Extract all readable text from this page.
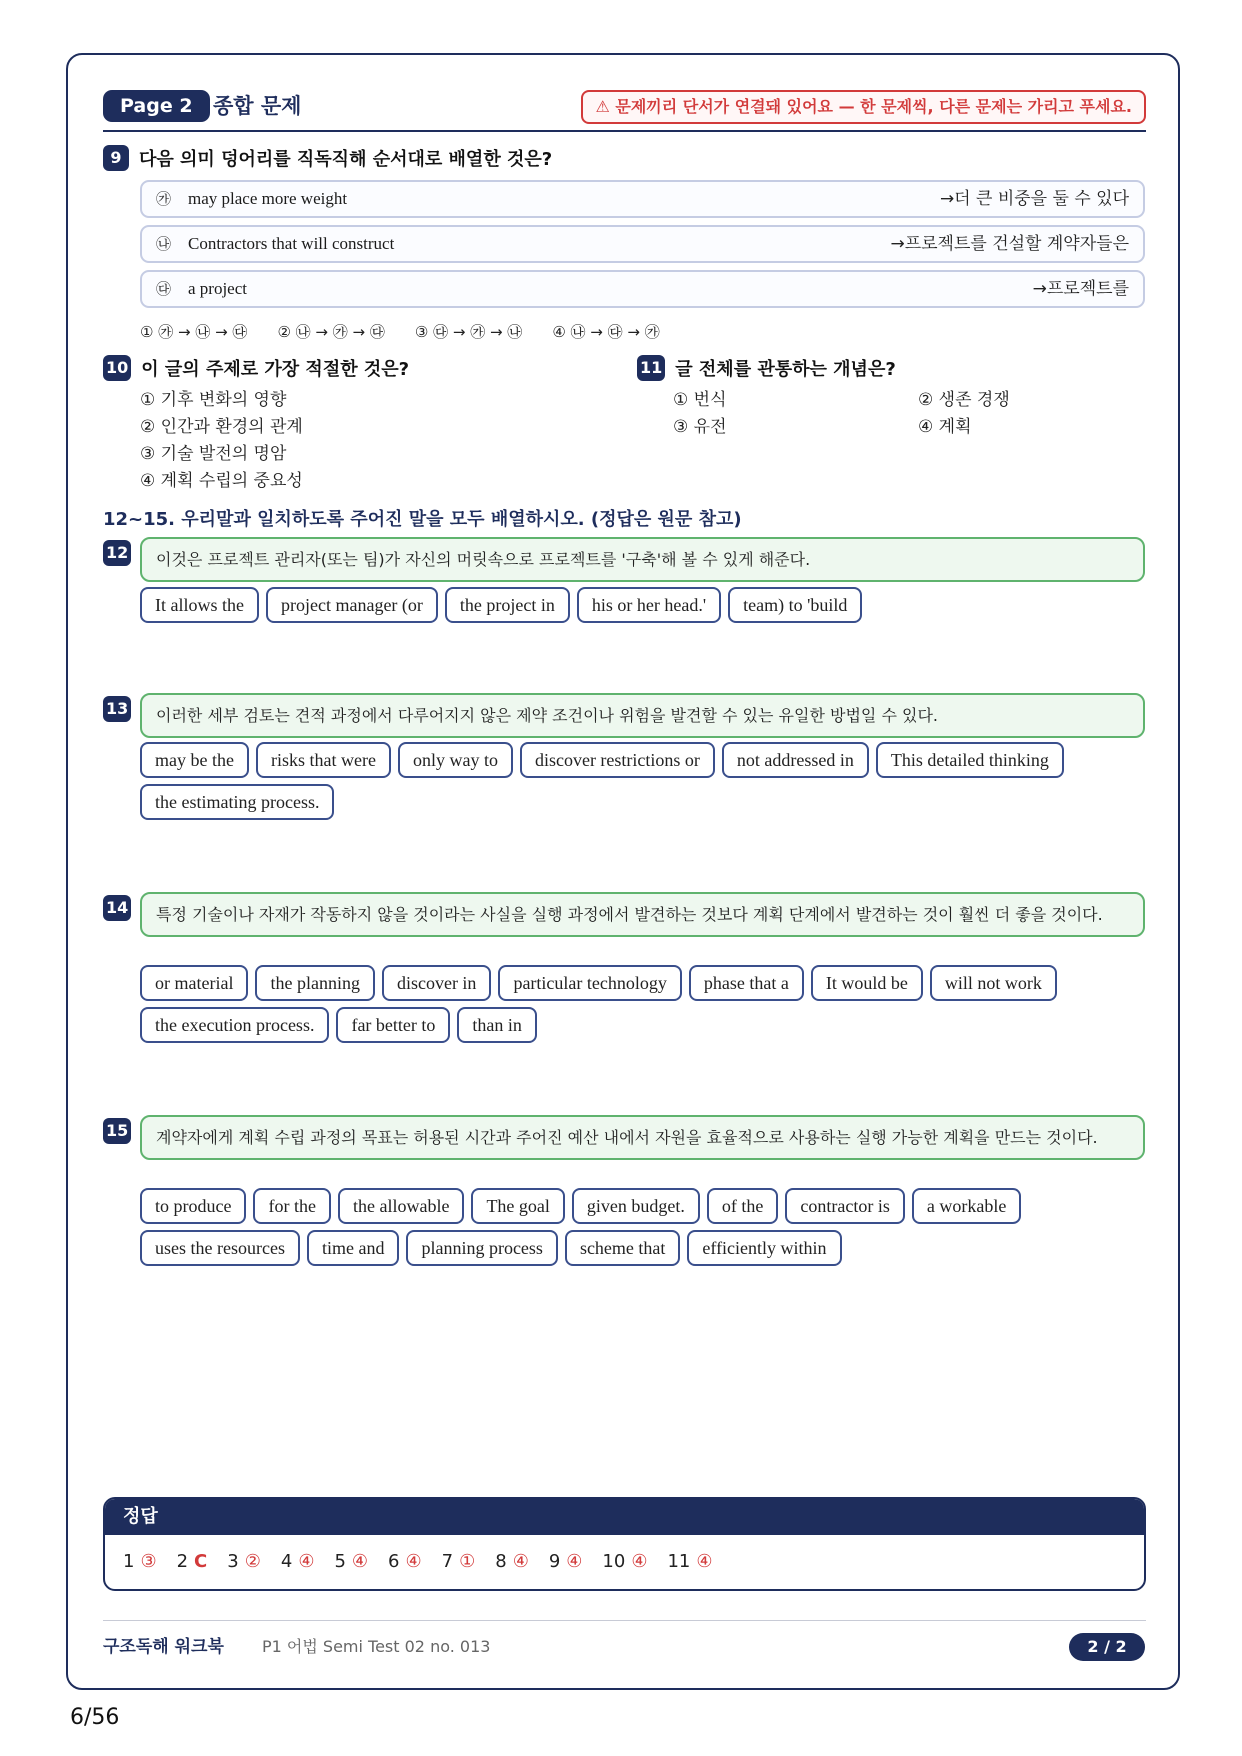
Page 2 종합 문제	⚠ 문제끼리 단서가 연결돼 있어요 — 한 문제씩, 다른 문제는 가리고 푸세요.
9 다음 의미 덩어리를 직독직해 순서대로 배열한 것은?
㉮ may place more weight	→더 큰 비중을 둘 수 있다
㉯ Contractors that will construct	→프로젝트를 건설할 계약자들은
㉰ a project	→프로젝트를
① ㉮ → ㉯ → ㉰ ② ㉯ → ㉮ → ㉰ ③ ㉰ → ㉮ → ㉯ ④ ㉯ → ㉰ → ㉮
10 이 글의 주제로 가장 적절한 것은?
① 기후 변화의 영향
② 인간과 환경의 관계
③ 기술 발전의 명암
④ 계획 수립의 중요성
11 글 전체를 관통하는 개념은?
① 번식	② 생존 경쟁
③ 유전	④ 계획
12~15. 우리말과 일치하도록 주어진 말을 모두 배열하시오. (정답은 원문 참고)
12	이것은 프로젝트 관리자(또는 팀)가 자신의 머릿속으로 프로젝트를 '구축'해 볼 수 있게 해준다.
It allows the	project manager (or	the project in	his or her head.'	team) to 'build
13	이러한 세부 검토는 견적 과정에서 다루어지지 않은 제약 조건이나 위험을 발견할 수 있는 유일한 방법일 수 있다.
may be the	risks that were	only way to	discover restrictions or	not addressed in	This detailed thinking
the estimating process.
14	특정 기술이나 자재가 작동하지 않을 것이라는 사실을 실행 과정에서 발견하는 것보다 계획 단계에서 발견하는 것이 훨씬 더 좋을 것이다.
or material	the planning	discover in	particular technology	phase that a	It would be	will not work
the execution process.	far better to	than in
15	계약자에게 계획 수립 과정의 목표는 허용된 시간과 주어진 예산 내에서 자원을 효율적으로 사용하는 실행 가능한 계획을 만드는 것이다.
to produce	for the	the allowable	The goal	given budget.	of the	contractor is	a workable
uses the resources	time and	planning process	scheme that	efficiently within
정답
1 ③ 2 C 3 ② 4 ④ 5 ④ 6 ④ 7 ① 8 ④ 9 ④ 10 ④ 11 ④
구조독해 워크북 P1 어법 Semi Test 02 no. 013	2 / 2
6/56
